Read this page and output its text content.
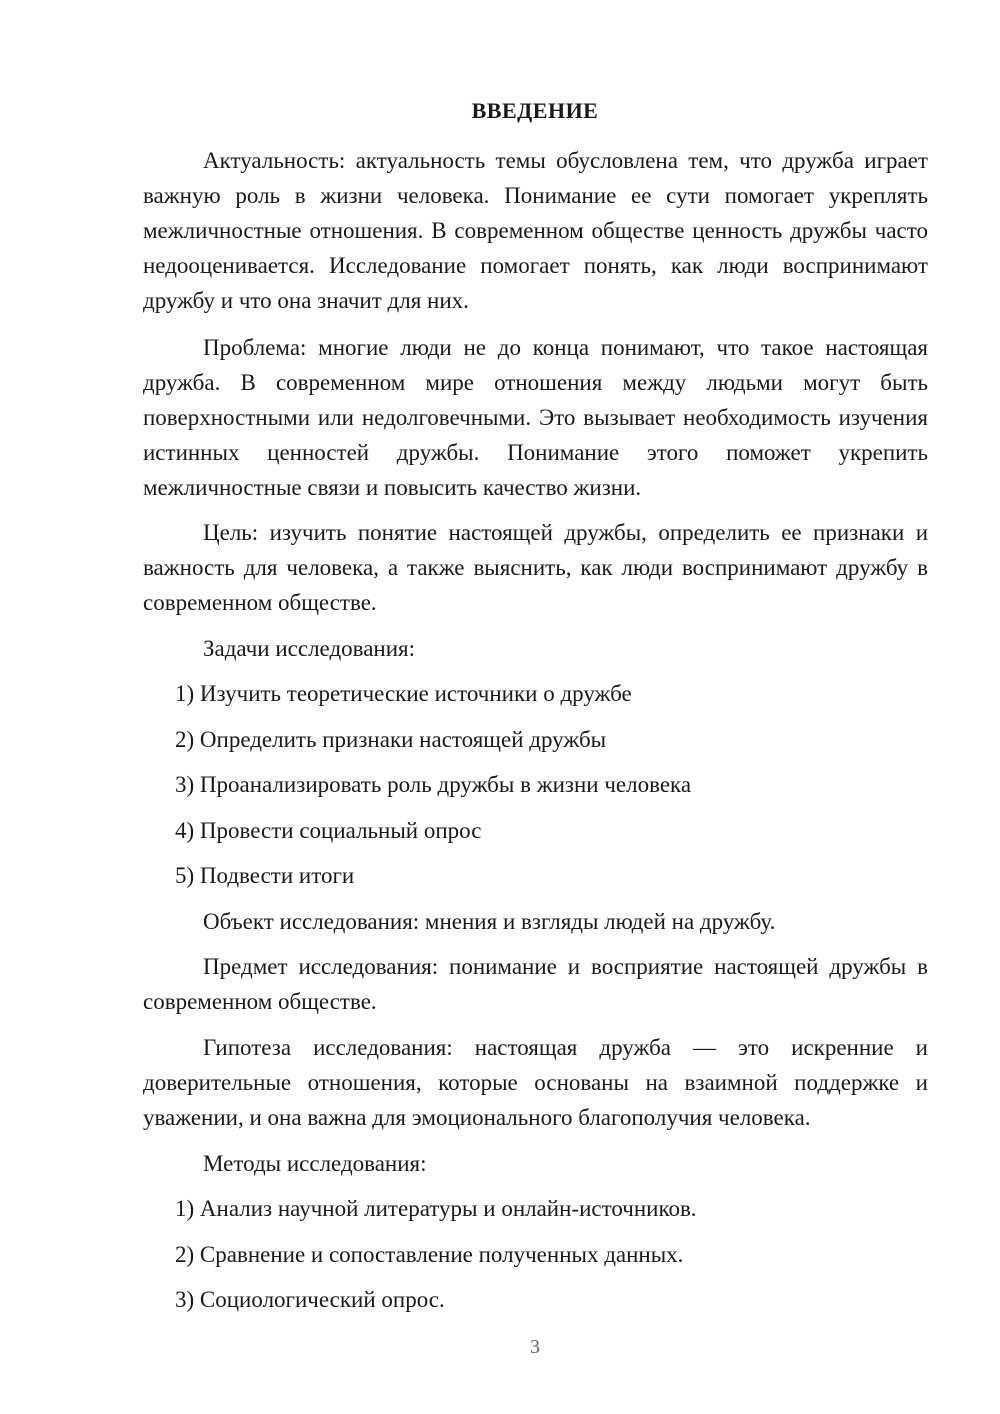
ВВЕДЕНИЕ

Актуальность: актуальность темы обусловлена тем, что дружба играет важную роль в жизни человека. Понимание ее сути помогает укреплять межличностные отношения. В современном обществе ценность дружбы часто недооценивается. Исследование помогает понять, как люди воспринимают дружбу и что она значит для них.

Проблема: многие люди не до конца понимают, что такое настоящая дружба. В современном мире отношения между людьми могут быть поверхностными или недолговечными. Это вызывает необходимость изучения истинных ценностей дружбы. Понимание этого поможет укрепить межличностные связи и повысить качество жизни.

Цель: изучить понятие настоящей дружбы, определить ее признаки и важность для человека, а также выяснить, как люди воспринимают дружбу в современном обществе.

Задачи исследования:

1) Изучить теоретические источники о дружбе

2) Определить признаки настоящей дружбы

3) Проанализировать роль дружбы в жизни человека

4) Провести социальный опрос

5) Подвести итоги

Объект исследования: мнения и взгляды людей на дружбу.

Предмет исследования: понимание и восприятие настоящей дружбы в современном обществе.

Гипотеза исследования: настоящая дружба — это искренние и доверительные отношения, которые основаны на взаимной поддержке и уважении, и она важна для эмоционального благополучия человека.

Методы исследования:

1) Анализ научной литературы и онлайн-источников.

2) Сравнение и сопоставление полученных данных.

3) Социологический опрос.

3
